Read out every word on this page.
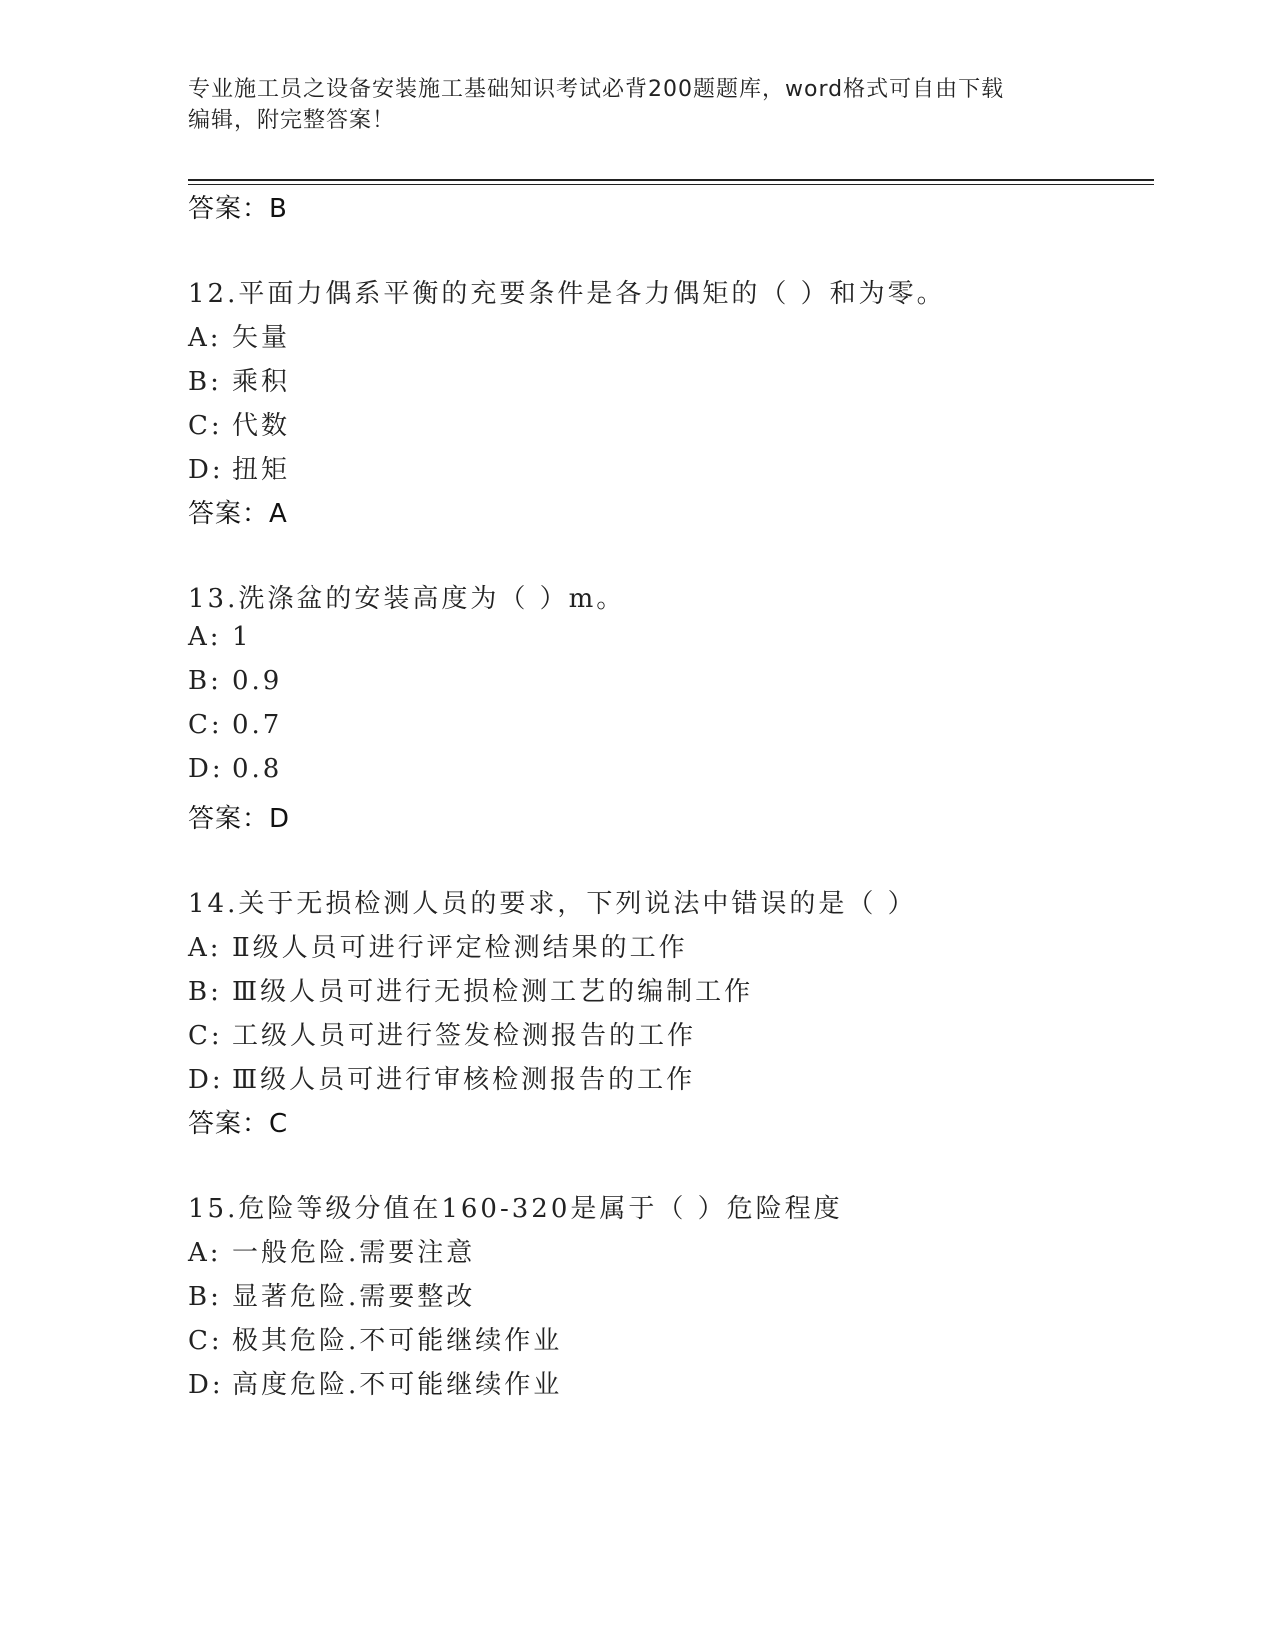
专业施工员之设备安装施工基础知识考试必背200题题库，word格式可自由下载
编辑，附完整答案！
答案：B
12.平面力偶系平衡的充要条件是各力偶矩的（ ）和为零。
A: 矢量
B: 乘积
C: 代数
D: 扭矩
答案：A
13.洗涤盆的安装高度为（ ）m。
A: 1
B: 0.9
C: 0.7
D: 0.8
答案：D
14.关于无损检测人员的要求，下列说法中错误的是（ ）
A: Ⅱ级人员可进行评定检测结果的工作
B: Ⅲ级人员可进行无损检测工艺的编制工作
C: 工级人员可进行签发检测报告的工作
D: Ⅲ级人员可进行审核检测报告的工作
答案：C
15.危险等级分值在160-320是属于（ ）危险程度
A: 一般危险.需要注意
B: 显著危险.需要整改
C: 极其危险.不可能继续作业
D: 高度危险.不可能继续作业
